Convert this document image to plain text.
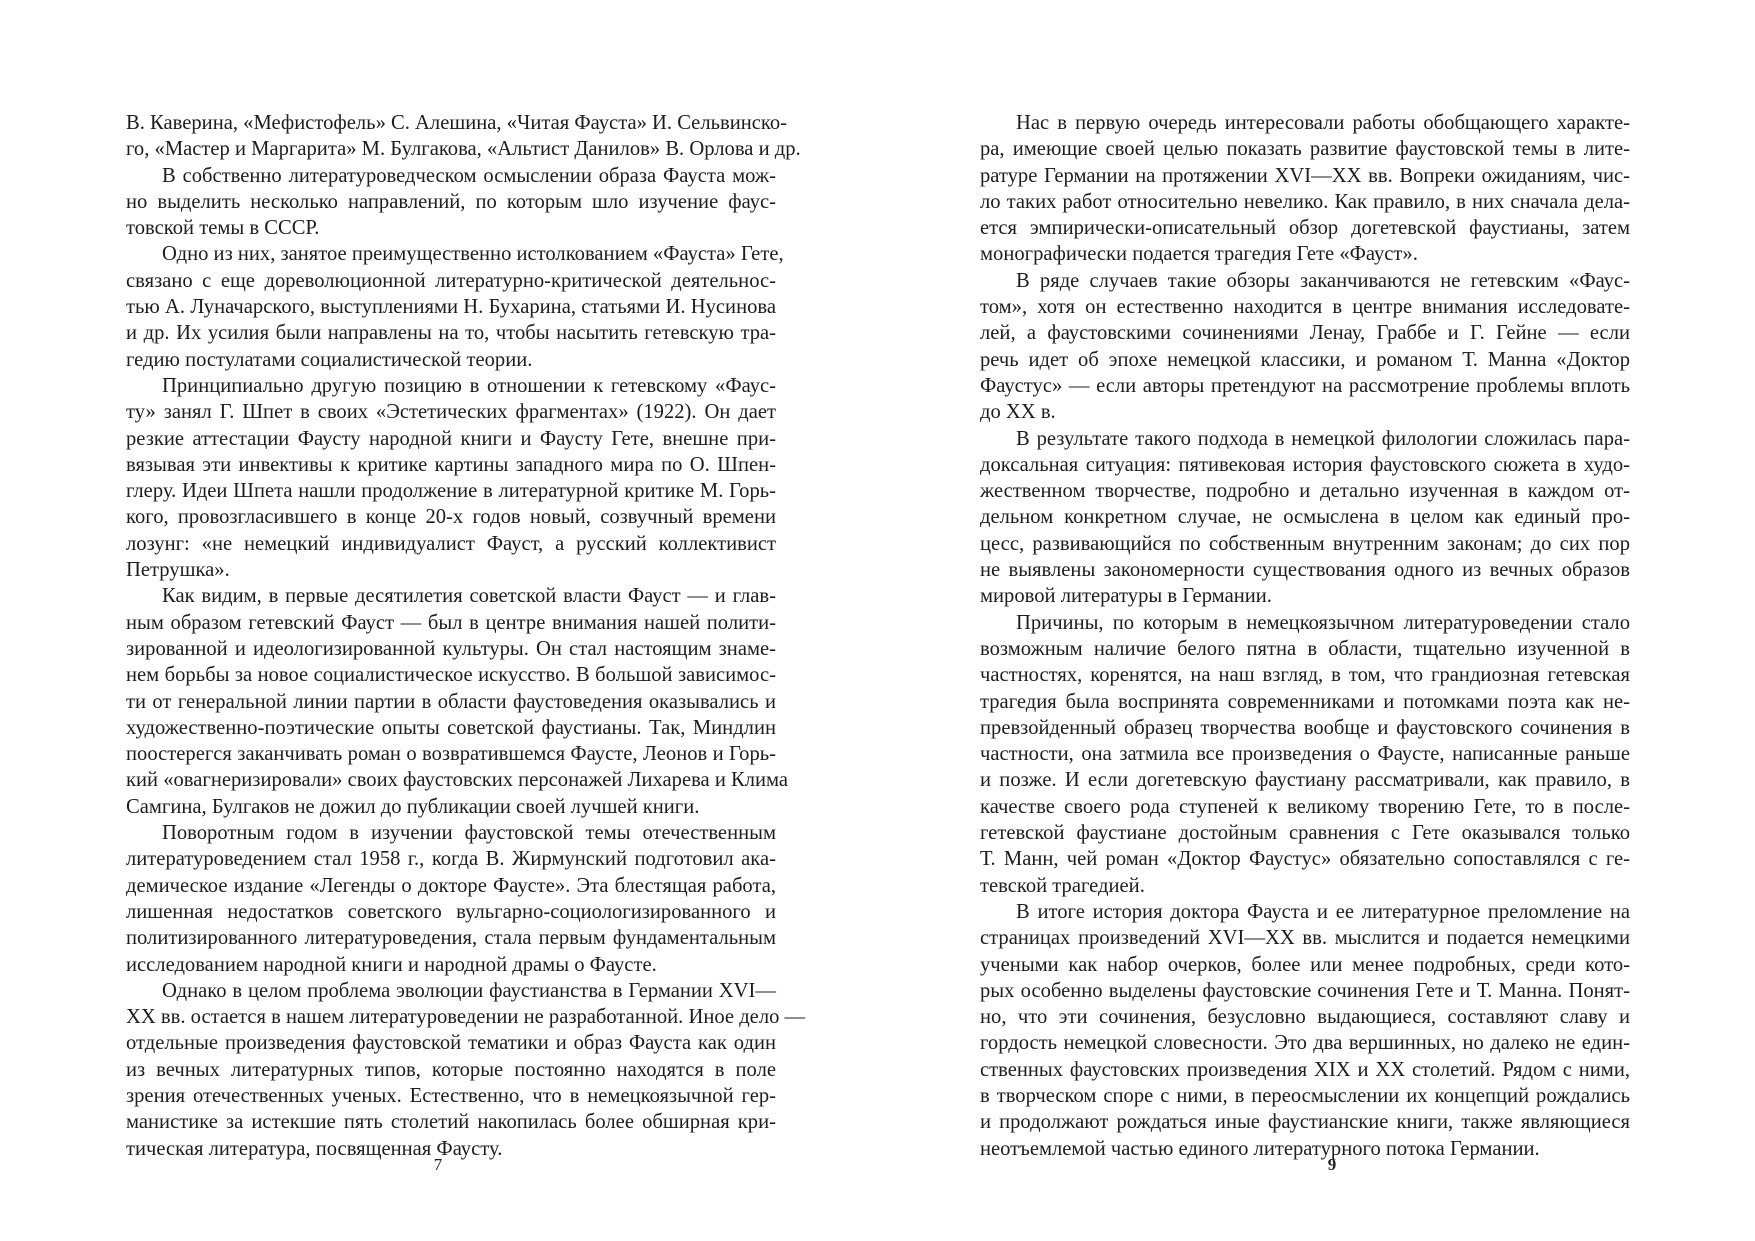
В. Каверина, «Мефистофель» С. Алешина, «Читая Фауста» И. Сельвинско-
го, «Мастер и Маргарита» М. Булгакова, «Альтист Данилов» В. Орлова и др.
В собственно литературоведческом осмыслении образа Фауста мож-
но выделить несколько направлений, по которым шло изучение фаус-
товской темы в СССР.
Одно из них, занятое преимущественно истолкованием «Фауста» Гете,
связано с еще дореволюционной литературно-критической деятельнос-
тью А. Луначарского, выступлениями Н. Бухарина, статьями И. Нусинова
и др. Их усилия были направлены на то, чтобы насытить гетевскую тра-
гедию постулатами социалистической теории.
Принципиально другую позицию в отношении к гетевскому «Фаус-
ту» занял Г. Шпет в своих «Эстетических фрагментах» (1922). Он дает
резкие аттестации Фаусту народной книги и Фаусту Гете, внешне при-
вязывая эти инвективы к критике картины западного мира по О. Шпен-
глеру. Идеи Шпета нашли продолжение в литературной критике М. Горь-
кого, провозгласившего в конце 20-х годов новый, созвучный времени
лозунг: «не немецкий индивидуалист Фауст, а русский коллективист
Петрушка».
Как видим, в первые десятилетия советской власти Фауст — и глав-
ным образом гетевский Фауст — был в центре внимания нашей полити-
зированной и идеологизированной культуры. Он стал настоящим знаме-
нем борьбы за новое социалистическое искусство. В большой зависимос-
ти от генеральной линии партии в области фаустоведения оказывались и
художественно-поэтические опыты советской фаустианы. Так, Миндлин
поостерегся заканчивать роман о возвратившемся Фаусте, Леонов и Горь-
кий «овагнеризировали» своих фаустовских персонажей Лихарева и Клима
Самгина, Булгаков не дожил до публикации своей лучшей книги.
Поворотным годом в изучении фаустовской темы отечественным
литературоведением стал 1958 г., когда В. Жирмунский подготовил ака-
демическое издание «Легенды о докторе Фаусте». Эта блестящая работа,
лишенная недостатков советского вульгарно-социологизированного и
политизированного литературоведения, стала первым фундаментальным
исследованием народной книги и народной драмы о Фаусте.
Однако в целом проблема эволюции фаустианства в Германии XVI—
XX вв. остается в нашем литературоведении не разработанной. Иное дело —
отдельные произведения фаустовской тематики и образ Фауста как один
из вечных литературных типов, которые постоянно находятся в поле
зрения отечественных ученых. Естественно, что в немецкоязычной гер-
манистике за истекшие пять столетий накопилась более обширная кри-
тическая литература, посвященная Фаусту.
Нас в первую очередь интересовали работы обобщающего характе-
ра, имеющие своей целью показать развитие фаустовской темы в лите-
ратуре Германии на протяжении XVI—XX вв. Вопреки ожиданиям, чис-
ло таких работ относительно невелико. Как правило, в них сначала дела-
ется эмпирически-описательный обзор догетевской фаустианы, затем
монографически подается трагедия Гете «Фауст».
В ряде случаев такие обзоры заканчиваются не гетевским «Фаус-
том», хотя он естественно находится в центре внимания исследовате-
лей, а фаустовскими сочинениями Ленау, Граббе и Г. Гейне — если
речь идет об эпохе немецкой классики, и романом Т. Манна «Доктор
Фаустус» — если авторы претендуют на рассмотрение проблемы вплоть
до XX в.
В результате такого подхода в немецкой филологии сложилась пара-
доксальная ситуация: пятивековая история фаустовского сюжета в худо-
жественном творчестве, подробно и детально изученная в каждом от-
дельном конкретном случае, не осмыслена в целом как единый про-
цесс, развивающийся по собственным внутренним законам; до сих пор
не выявлены закономерности существования одного из вечных образов
мировой литературы в Германии.
Причины, по которым в немецкоязычном литературоведении стало
возможным наличие белого пятна в области, тщательно изученной в
частностях, коренятся, на наш взгляд, в том, что грандиозная гетевская
трагедия была воспринята современниками и потомками поэта как не-
превзойденный образец творчества вообще и фаустовского сочинения в
частности, она затмила все произведения о Фаусте, написанные раньше
и позже. И если догетевскую фаустиану рассматривали, как правило, в
качестве своего рода ступеней к великому творению Гете, то в после-
гетевской фаустиане достойным сравнения с Гете оказывался только
Т. Манн, чей роман «Доктор Фаустус» обязательно сопоставлялся с ге-
тевской трагедией.
В итоге история доктора Фауста и ее литературное преломление на
страницах произведений XVI—XX вв. мыслится и подается немецкими
учеными как набор очерков, более или менее подробных, среди кото-
рых особенно выделены фаустовские сочинения Гете и Т. Манна. Понят-
но, что эти сочинения, безусловно выдающиеся, составляют славу и
гордость немецкой словесности. Это два вершинных, но далеко не един-
ственных фаустовских произведения XIX и XX столетий. Рядом с ними,
в творческом споре с ними, в переосмыслении их концепций рождались
и продолжают рождаться иные фаустианские книги, также являющиеся
неотъемлемой частью единого литературного потока Германии.
7	9
